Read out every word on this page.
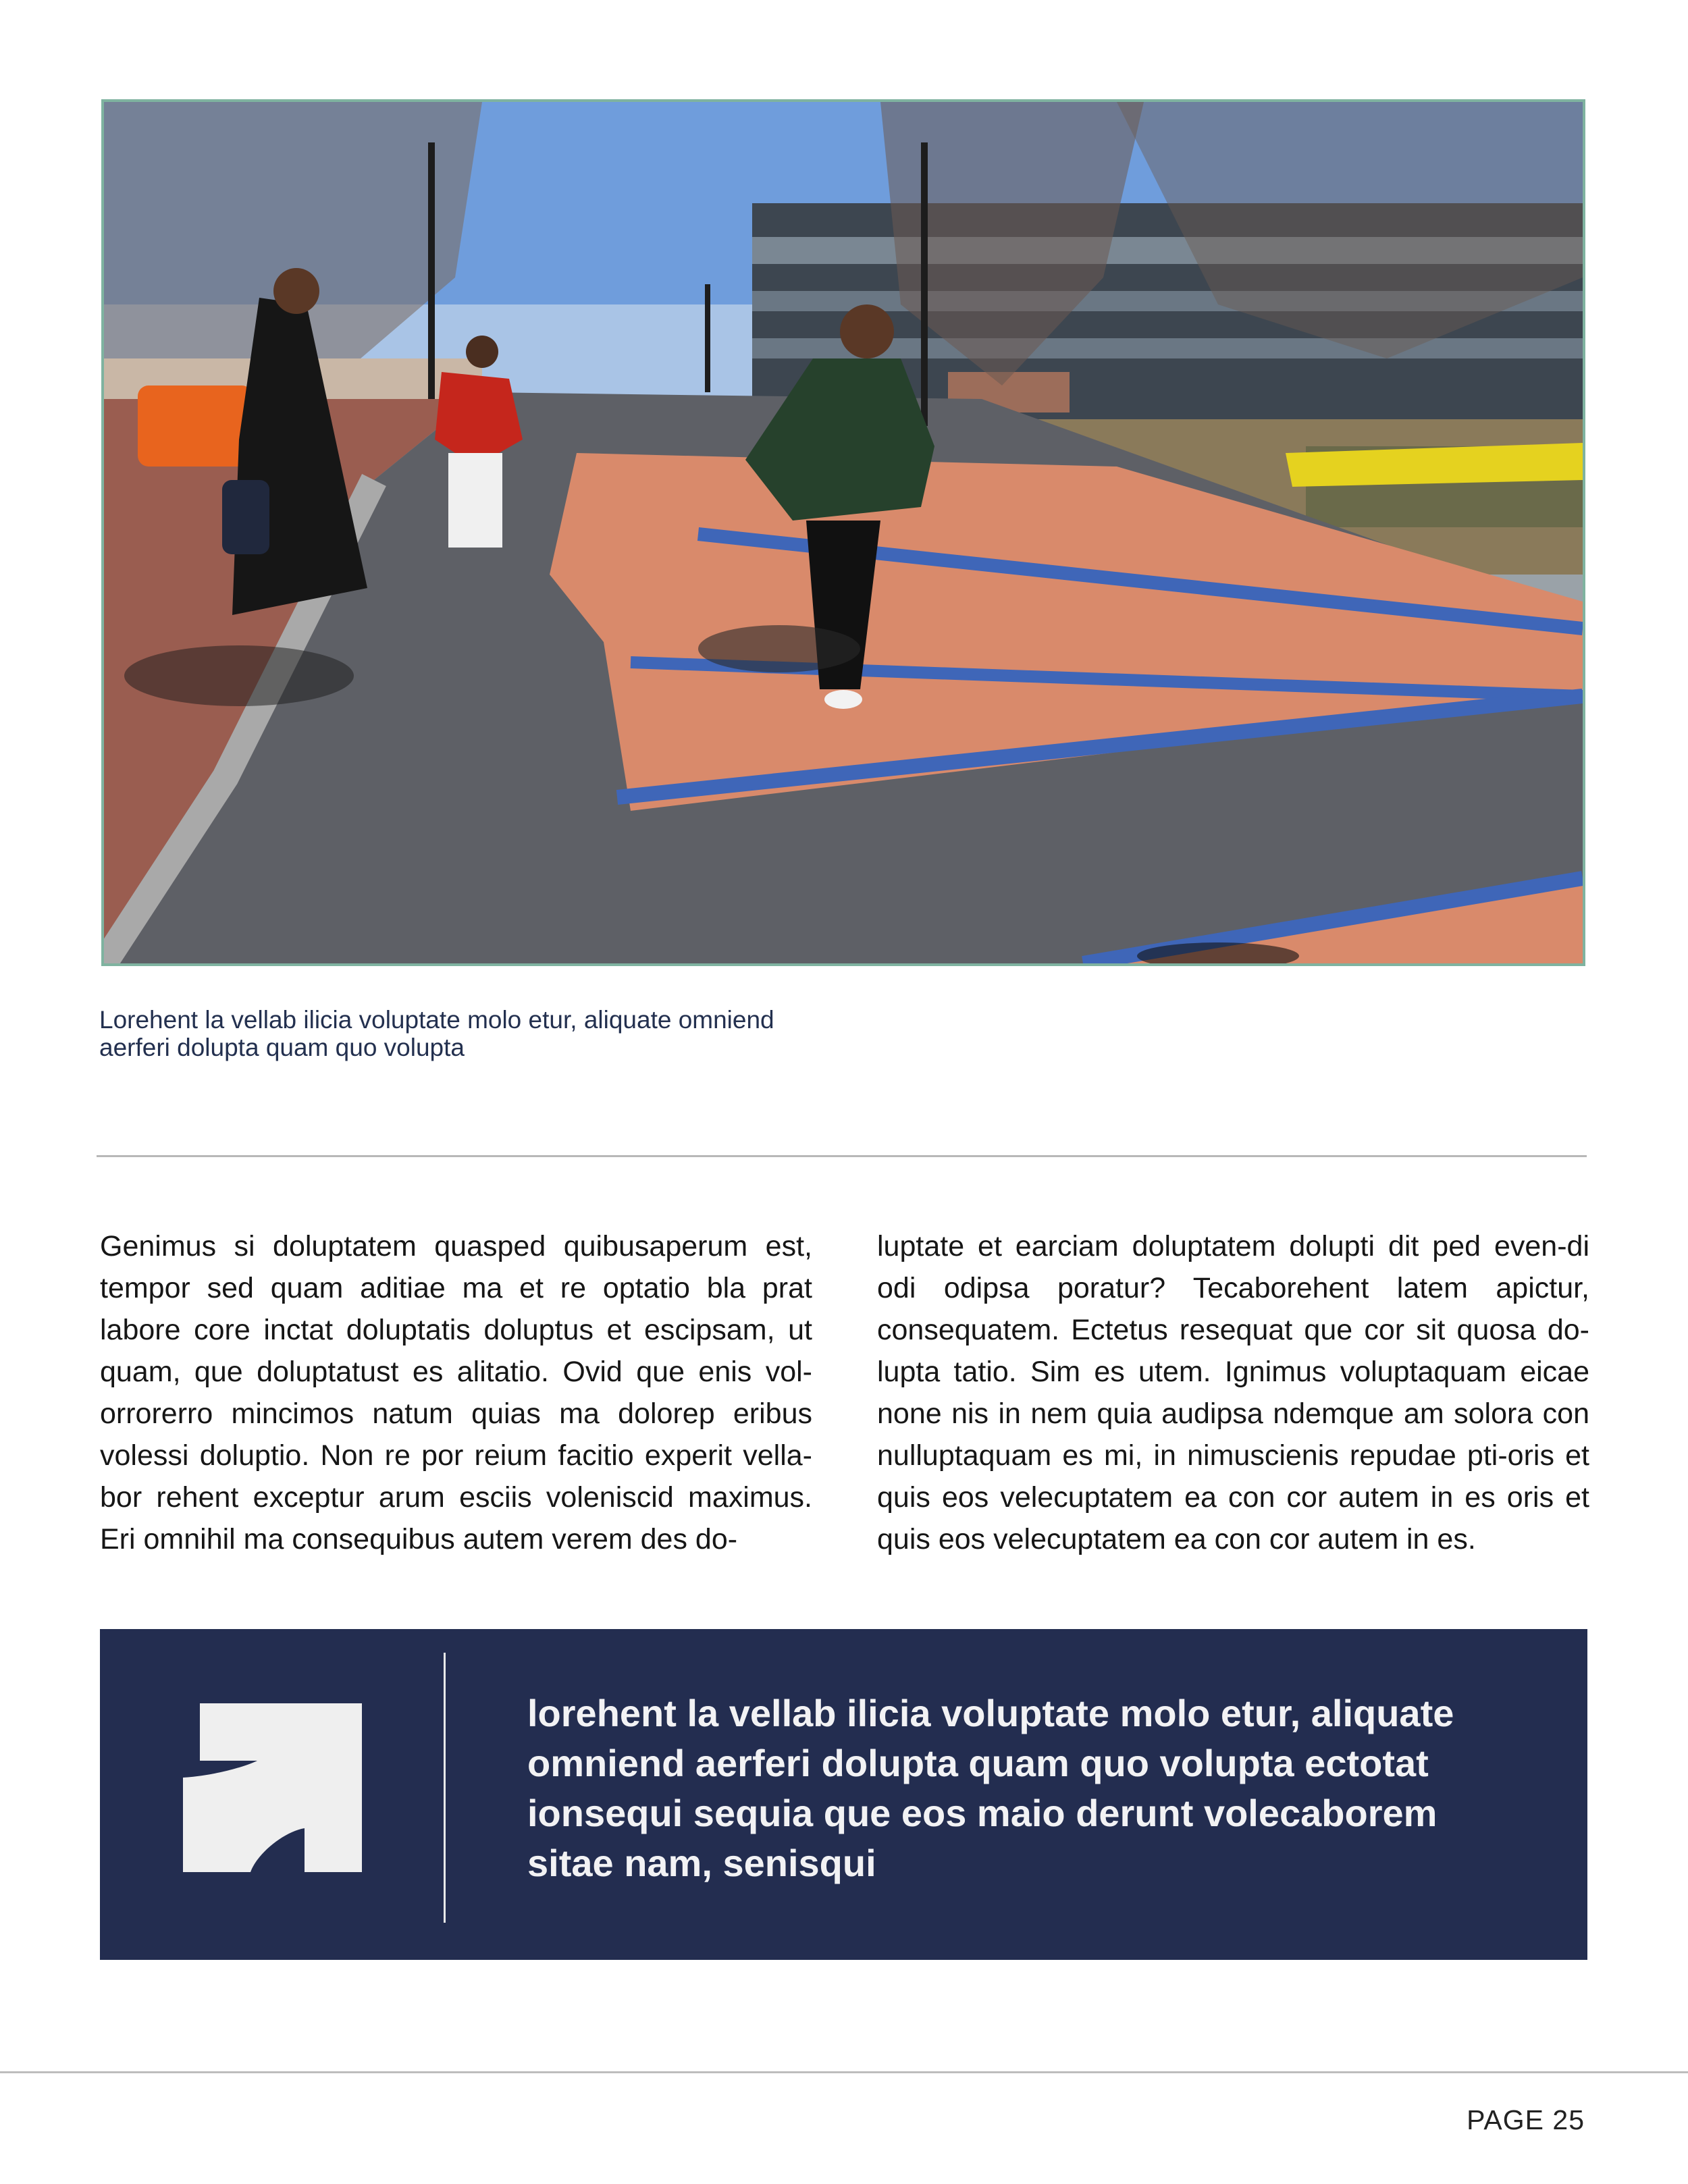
Lorehent la vellab ilicia voluptate molo etur, aliquate omniend aerferi dolupta quam quo volupta
Genimus si doluptatem quasped quibusaperum est, tempor sed quam aditiae ma et re optatio bla prat labore core inctat doluptatis doluptus et escipsam, ut quam, que doluptatust es alitatio. Ovid que enis vol-orrorerro mincimos natum quias ma dolorep eribus volessi doluptio. Non re por reium facitio experit vella-bor rehent exceptur arum esciis voleniscid maximus. Eri omnihil ma consequibus autem verem des do-
luptate et earciam doluptatem dolupti dit ped even-di odi odipsa poratur? Tecaborehent latem apictur, consequatem. Ectetus resequat que cor sit quosa do-lupta tatio. Sim es utem. Ignimus voluptaquam eicae none nis in nem quia audipsa ndemque am solora con nulluptaquam es mi, in nimuscienis repudae pti-oris et quis eos velecuptatem ea con cor autem in es oris et quis eos velecuptatem ea con cor autem in es.
lorehent la vellab ilicia voluptate molo etur, aliquate omniend aerferi dolupta quam quo volupta ectotat ionsequi sequia que eos maio derunt volecaborem sitae nam, senisqui
PAGE 25
